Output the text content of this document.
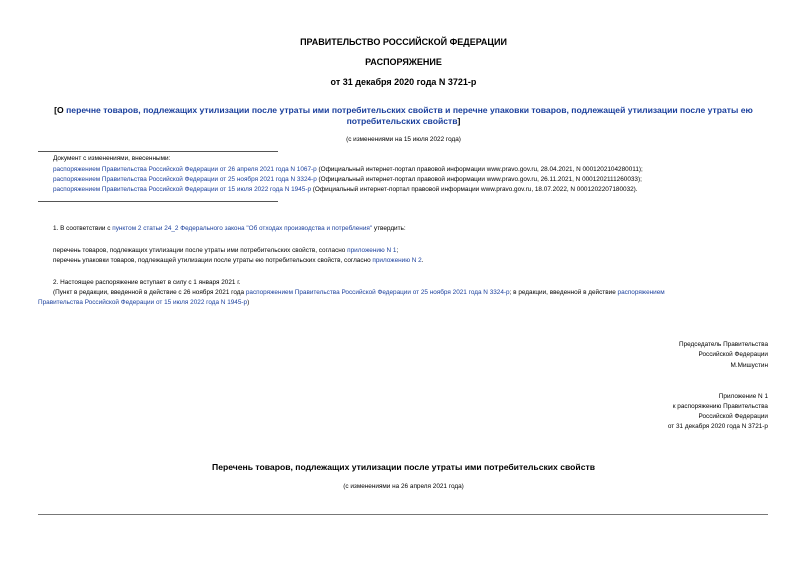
ПРАВИТЕЛЬСТВО РОССИЙСКОЙ ФЕДЕРАЦИИ
РАСПОРЯЖЕНИЕ
от 31 декабря 2020 года N 3721-р
[О перечне товаров, подлежащих утилизации после утраты ими потребительских свойств и перечне упаковки товаров, подлежащей утилизации после утраты ею
потребительских свойств]
(с изменениями на 15 июля 2022 года)
Документ с изменениями, внесенными:
распоряжением Правительства Российской Федерации от 26 апреля 2021 года N 1067-р (Официальный интернет-портал правовой информации www.pravo.gov.ru, 28.04.2021, N 0001202104280011);
распоряжением Правительства Российской Федерации от 25 ноября 2021 года N 3324-р (Официальный интернет-портал правовой информации www.pravo.gov.ru, 26.11.2021, N 0001202111260033);
распоряжением Правительства Российской Федерации от 15 июля 2022 года N 1945-р (Официальный интернет-портал правовой информации www.pravo.gov.ru, 18.07.2022, N 0001202207180032).
1. В соответствии с пунктом 2 статьи 24_2 Федерального закона "Об отходах производства и потребления" утвердить:
перечень товаров, подлежащих утилизации после утраты ими потребительских свойств, согласно приложению N 1;
перечень упаковки товаров, подлежащей утилизации после утраты ею потребительских свойств, согласно приложению N 2.
2. Настоящее распоряжение вступает в силу с 1 января 2021 г.
(Пункт в редакции, введенной в действие с 26 ноября 2021 года распоряжением Правительства Российской Федерации от 25 ноября 2021 года N 3324-р; в редакции, введенной в действие распоряжением
Правительства Российской Федерации от 15 июля 2022 года N 1945-р)
Председатель Правительства
Российской Федерации
М.Мишустин
Приложение N 1
к распоряжению Правительства
Российской Федерации
от 31 декабря 2020 года N 3721-р
Перечень товаров, подлежащих утилизации после утраты ими потребительских свойств
(с изменениями на 26 апреля 2021 года)
